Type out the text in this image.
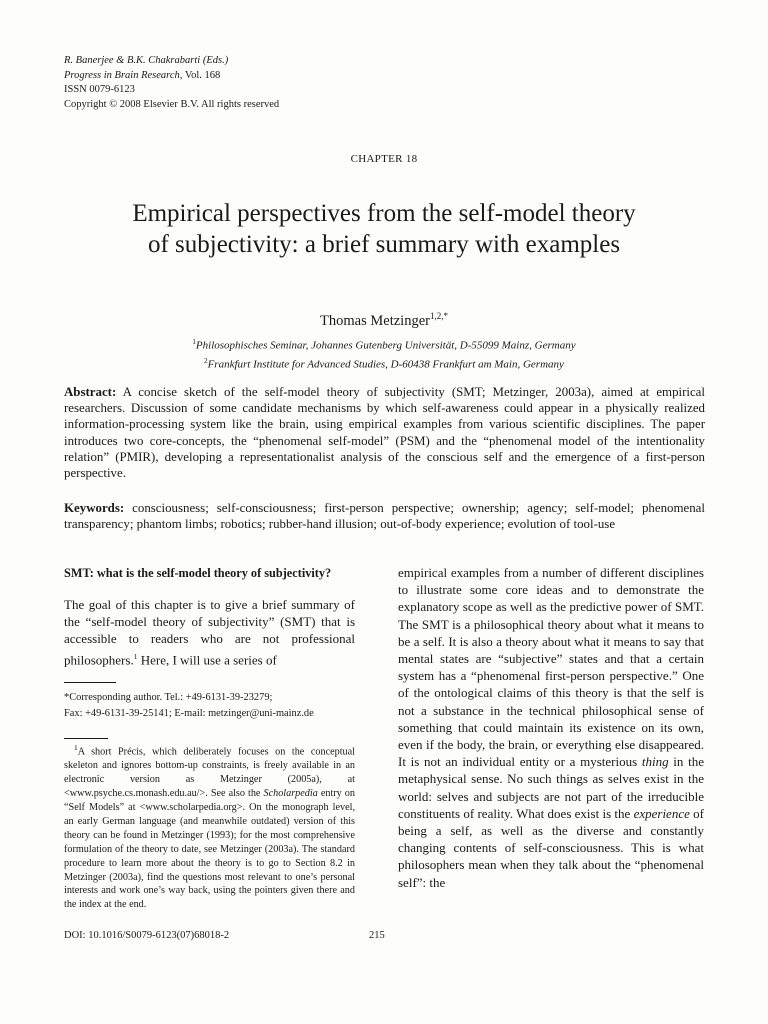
R. Banerjee & B.K. Chakrabarti (Eds.)
Progress in Brain Research, Vol. 168
ISSN 0079-6123
Copyright © 2008 Elsevier B.V. All rights reserved
CHAPTER 18
Empirical perspectives from the self-model theory
of subjectivity: a brief summary with examples
Thomas Metzinger$^{1,2,*}$
$^1$Philosophisches Seminar, Johannes Gutenberg Universität, D-55099 Mainz, Germany
$^2$Frankfurt Institute for Advanced Studies, D-60438 Frankfurt am Main, Germany
Abstract: A concise sketch of the self-model theory of subjectivity (SMT; Metzinger, 2003a), aimed at empirical researchers. Discussion of some candidate mechanisms by which self-awareness could appear in a physically realized information-processing system like the brain, using empirical examples from various scientific disciplines. The paper introduces two core-concepts, the “phenomenal self-model” (PSM) and the “phenomenal model of the intentionality relation” (PMIR), developing a representationalist analysis of the conscious self and the emergence of a first-person perspective.
Keywords: consciousness; self-consciousness; first-person perspective; ownership; agency; self-model; phenomenal transparency; phantom limbs; robotics; rubber-hand illusion; out-of-body experience; evolution of tool-use
SMT: what is the self-model theory of subjectivity?
The goal of this chapter is to give a brief summary of the “self-model theory of subjectivity” (SMT) that is accessible to readers who are not professional philosophers.$^1$ Here, I will use a series of
*Corresponding author. Tel.: +49-6131-39-23279;
Fax: +49-6131-39-25141; E-mail: metzinger@uni-mainz.de
$^1$A short Précis, which deliberately focuses on the conceptual skeleton and ignores bottom-up constraints, is freely available in an electronic version as Metzinger (2005a), at <www.psyche.cs.monash.edu.au/>. See also the Scholarpedia entry on “Self Models” at <www.scholarpedia.org>. On the monograph level, an early German language (and meanwhile outdated) version of this theory can be found in Metzinger (1993); for the most comprehensive formulation of the theory to date, see Metzinger (2003a). The standard procedure to learn more about the theory is to go to Section 8.2 in Metzinger (2003a), find the questions most relevant to one’s personal interests and work one’s way back, using the pointers given there and the index at the end.
empirical examples from a number of different disciplines to illustrate some core ideas and to demonstrate the explanatory scope as well as the predictive power of SMT. The SMT is a philosophical theory about what it means to be a self. It is also a theory about what it means to say that mental states are “subjective” states and that a certain system has a “phenomenal first-person perspective.” One of the ontological claims of this theory is that the self is not a substance in the technical philosophical sense of something that could maintain its existence on its own, even if the body, the brain, or everything else disappeared. It is not an individual entity or a mysterious thing in the metaphysical sense. No such things as selves exist in the world: selves and subjects are not part of the irreducible constituents of reality. What does exist is the experience of being a self, as well as the diverse and constantly changing contents of self-consciousness. This is what philosophers mean when they talk about the “phenomenal self”: the
DOI: 10.1016/S0079-6123(07)68018-2	215
